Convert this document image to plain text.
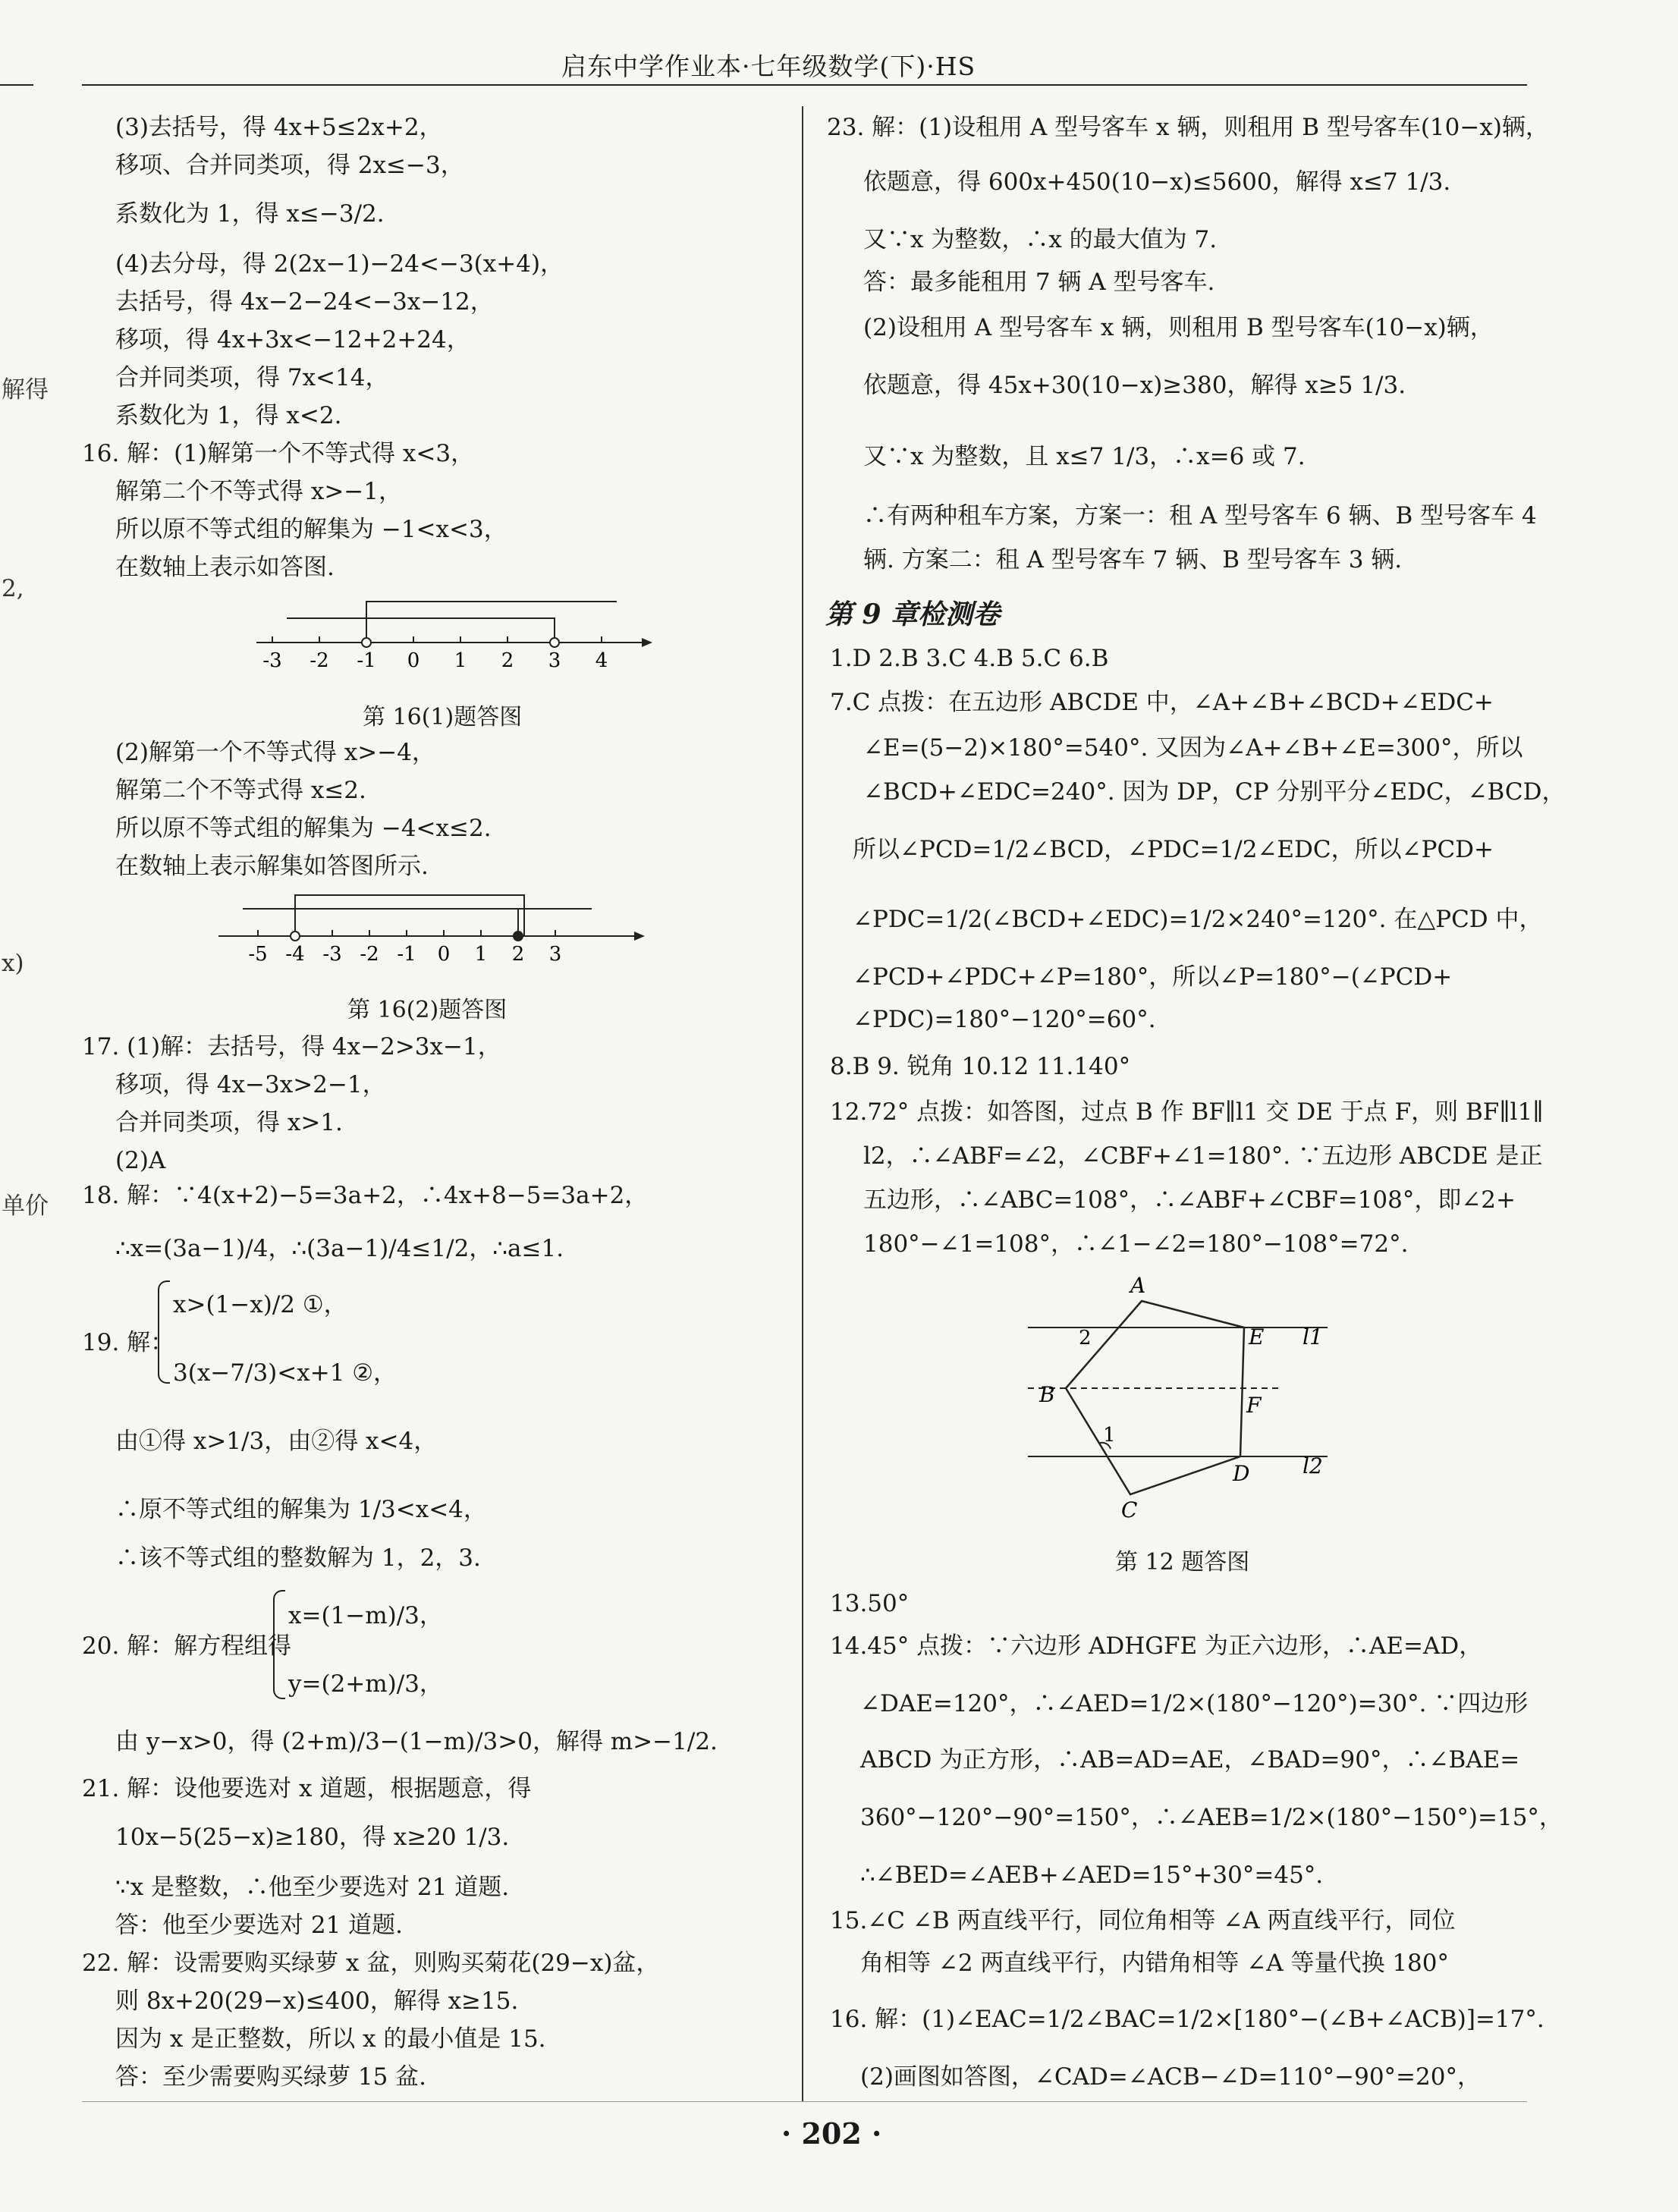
启东中学作业本·七年级数学(下)·HS
解得
2,
x)
单价
(3)去括号，得 4x+5≤2x+2，
移项、合并同类项，得 2x≤−3，
系数化为 1，得 x≤−3/2.
(4)去分母，得 2(2x−1)−24<−3(x+4)，
去括号，得 4x−2−24<−3x−12，
移项，得 4x+3x<−12+2+24，
合并同类项，得 7x<14，
系数化为 1，得 x<2.
16. 解：(1)解第一个不等式得 x<3，
解第二个不等式得 x>−1，
所以原不等式组的解集为 −1<x<3，
在数轴上表示如答图.
-3 -2 -1 0 1 2 3 4
第 16(1)题答图
(2)解第一个不等式得 x>−4，
解第二个不等式得 x≤2.
所以原不等式组的解集为 −4<x≤2.
在数轴上表示解集如答图所示.
-5 -4 -3 -2 -1 0 1 2 3
第 16(2)题答图
17. (1)解：去括号，得 4x−2>3x−1，
移项，得 4x−3x>2−1，
合并同类项，得 x>1.
(2)A
18. 解：∵4(x+2)−5=3a+2，∴4x+8−5=3a+2，
∴x=(3a−1)/4，∴(3a−1)/4≤1/2，∴a≤1.
x>(1−x)/2 ①，
19. 解：
3(x−7/3)<x+1 ②，
由①得 x>1/3，由②得 x<4，
∴原不等式组的解集为 1/3<x<4，
∴该不等式组的整数解为 1，2，3.
x=(1−m)/3，
20. 解：解方程组得
y=(2+m)/3，
由 y−x>0，得 (2+m)/3−(1−m)/3>0，解得 m>−1/2.
21. 解：设他要选对 x 道题，根据题意，得
10x−5(25−x)≥180，得 x≥20 1/3.
∵x 是整数，∴他至少要选对 21 道题.
答：他至少要选对 21 道题.
22. 解：设需要购买绿萝 x 盆，则购买菊花(29−x)盆，
则 8x+20(29−x)≤400，解得 x≥15.
因为 x 是正整数，所以 x 的最小值是 15.
答：至少需要购买绿萝 15 盆.
23. 解：(1)设租用 A 型号客车 x 辆，则租用 B 型号客车(10−x)辆，
依题意，得 600x+450(10−x)≤5600，解得 x≤7 1/3.
又∵x 为整数，∴x 的最大值为 7.
答：最多能租用 7 辆 A 型号客车.
(2)设租用 A 型号客车 x 辆，则租用 B 型号客车(10−x)辆，
依题意，得 45x+30(10−x)≥380，解得 x≥5 1/3.
又∵x 为整数，且 x≤7 1/3，∴x=6 或 7.
∴有两种租车方案，方案一：租 A 型号客车 6 辆、B 型号客车 4
辆. 方案二：租 A 型号客车 7 辆、B 型号客车 3 辆.
第 9 章检测卷
1.D 2.B 3.C 4.B 5.C 6.B
7.C 点拨：在五边形 ABCDE 中，∠A+∠B+∠BCD+∠EDC+
∠E=(5−2)×180°=540°. 又因为∠A+∠B+∠E=300°，所以
∠BCD+∠EDC=240°. 因为 DP，CP 分别平分∠EDC，∠BCD，
所以∠PCD=1/2∠BCD，∠PDC=1/2∠EDC，所以∠PCD+
∠PDC=1/2(∠BCD+∠EDC)=1/2×240°=120°. 在△PCD 中，
∠PCD+∠PDC+∠P=180°，所以∠P=180°−(∠PCD+
∠PDC)=180°−120°=60°.
8.B 9. 锐角 10.12 11.140°
12.72° 点拨：如答图，过点 B 作 BF∥l1 交 DE 于点 F，则 BF∥l1∥
l2，∴∠ABF=∠2，∠CBF+∠1=180°. ∵五边形 ABCDE 是正
五边形，∴∠ABC=108°，∴∠ABF+∠CBF=108°，即∠2+
180°−∠1=108°，∴∠1−∠2=180°−108°=72°.
A
B
C
D
E
F
l1
l2
1
2
第 12 题答图
13.50°
14.45° 点拨：∵六边形 ADHGFE 为正六边形，∴AE=AD，
∠DAE=120°，∴∠AED=1/2×(180°−120°)=30°. ∵四边形
ABCD 为正方形，∴AB=AD=AE，∠BAD=90°，∴∠BAE=
360°−120°−90°=150°，∴∠AEB=1/2×(180°−150°)=15°，
∴∠BED=∠AEB+∠AED=15°+30°=45°.
15.∠C ∠B 两直线平行，同位角相等 ∠A 两直线平行，同位
角相等 ∠2 两直线平行，内错角相等 ∠A 等量代换 180°
16. 解：(1)∠EAC=1/2∠BAC=1/2×[180°−(∠B+∠ACB)]=17°.
(2)画图如答图，∠CAD=∠ACB−∠D=110°−90°=20°，
· 202 ·
